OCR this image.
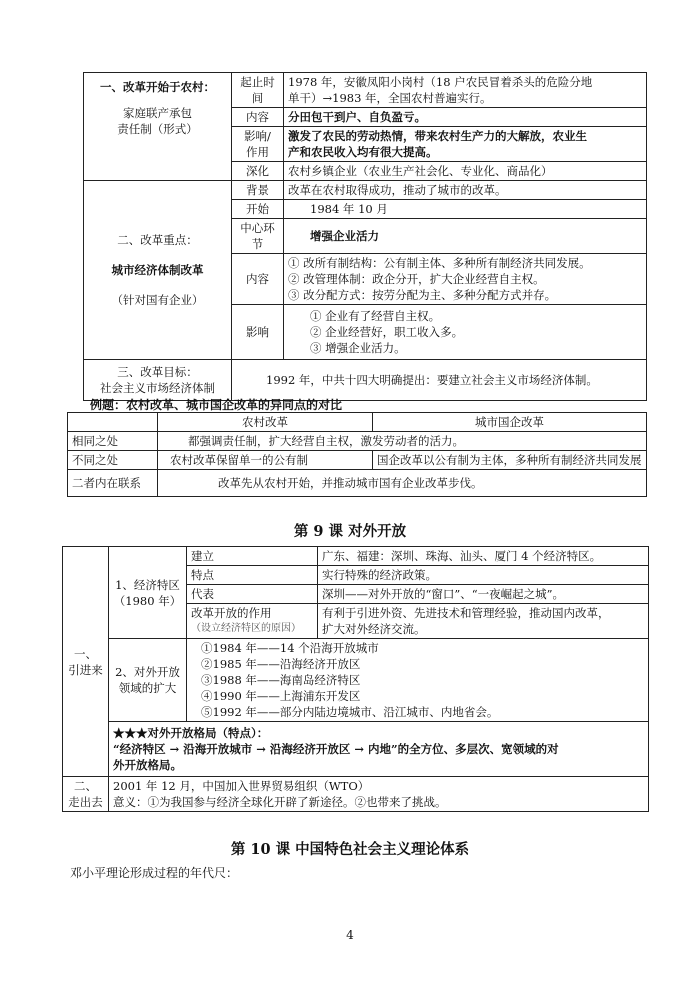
一、改革开始于农村：
家庭联产承包
责任制（形式）	起止时间	1978 年，安徽凤阳小岗村（18 户农民冒着杀头的危险分地
单干）→1983 年，全国农村普遍实行。

	内容	分田包干到户、自负盈亏。

	影响/
作用	激发了农民的劳动热情，带来农村生产力的大解放，农业生
产和农民收入均有很大提高。

	深化	农村乡镇企业（农业生产社会化、专业化、商品化）

二、改革重点：
城市经济体制改革
（针对国有企业）	背景	改革在农村取得成功，推动了城市的改革。
	开始	1984 年 10 月
	中心环节	增强企业活力
	内容	① 改所有制结构：公有制主体、多种所有制经济共同发展。
② 改管理体制：政企分开，扩大企业经营自主权。
③ 改分配方式：按劳分配为主、多种分配方式并存。

	影响	① 企业有了经营自主权。
② 企业经营好，职工收入多。
③ 增强企业活力。

三、改革目标：
社会主义市场经济体制	1992 年，中共十四大明确提出：要建立社会主义市场经济体制。	
例题：农村改革、城市国企改革的异同点的对比
	农村改革	城市国企改革
相同之处	都强调责任制，扩大经营自主权，激发劳动者的活力。	
不同之处	农村改革保留单一的公有制	国企改革以公有制为主体，多种所有制经济共同发展
二者内在联系	改革先从农村开始，并推动城市国有企业改革步伐。	
第 9 课 对外开放
一、
引进来	1、经济特区
（1980 年）	建立	广东、福建：深圳、珠海、汕头、厦门 4 个经济特区。
		特点	实行特殊的经济政策。
		代表	深圳——对外开放的“窗口”、“一夜崛起之城”。

		改革开放的作用
（设立经济特区的原因）	有利于引进外资、先进技术和管理经验，推动国内改革，
扩大对外经济交流。

	2、对外开放
领域的扩大	①1984 年——14 个沿海开放城市
②1985 年——沿海经济开放区
③1988 年——海南岛经济特区
④1990 年——上海浦东开发区
⑤1992 年——部分内陆边境城市、沿江城市、内地省会。	

	★★★对外开放格局（特点）：
“经济特区 → 沿海开放城市 → 沿海经济开放区 → 内地”的全方位、多层次、宽领域的对
外开放格局。		

二、
走出去	2001 年 12 月，中国加入世界贸易组织（WTO）
意义：①为我国参与经济全球化开辟了新途径。②也带来了挑战。		
第 10 课 中国特色社会主义理论体系
邓小平理论形成过程的年代尺：
4
